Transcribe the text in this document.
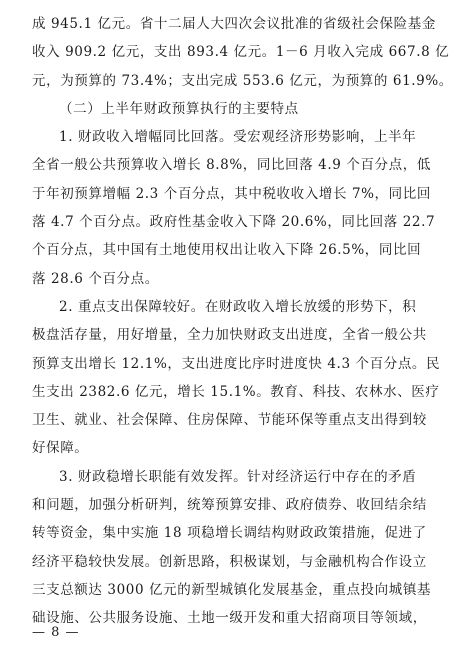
成 945.1 亿元。省十二届人大四次会议批准的省级社会保险基金
收入 909.2 亿元，支出 893.4 亿元。1－6 月收入完成 667.8 亿
元，为预算的 73.4%；支出完成 553.6 亿元，为预算的 61.9%。
（二）上半年财政预算执行的主要特点
1. 财政收入增幅同比回落。受宏观经济形势影响，上半年
全省一般公共预算收入增长 8.8%，同比回落 4.9 个百分点，低
于年初预算增幅 2.3 个百分点，其中税收收入增长 7%，同比回
落 4.7 个百分点。政府性基金收入下降 20.6%，同比回落 22.7
个百分点，其中国有土地使用权出让收入下降 26.5%，同比回
落 28.6 个百分点。
2. 重点支出保障较好。在财政收入增长放缓的形势下，积
极盘活存量，用好增量，全力加快财政支出进度，全省一般公共
预算支出增长 12.1%，支出进度比序时进度快 4.3 个百分点。民
生支出 2382.6 亿元，增长 15.1%。教育、科技、农林水、医疗
卫生、就业、社会保障、住房保障、节能环保等重点支出得到较
好保障。
3. 财政稳增长职能有效发挥。针对经济运行中存在的矛盾
和问题，加强分析研判，统筹预算安排、政府债券、收回结余结
转等资金，集中实施 18 项稳增长调结构财政政策措施，促进了
经济平稳较快发展。创新思路，积极谋划，与金融机构合作设立
三支总额达 3000 亿元的新型城镇化发展基金，重点投向城镇基
础设施、公共服务设施、土地一级开发和重大招商项目等领域，
— 8 —
